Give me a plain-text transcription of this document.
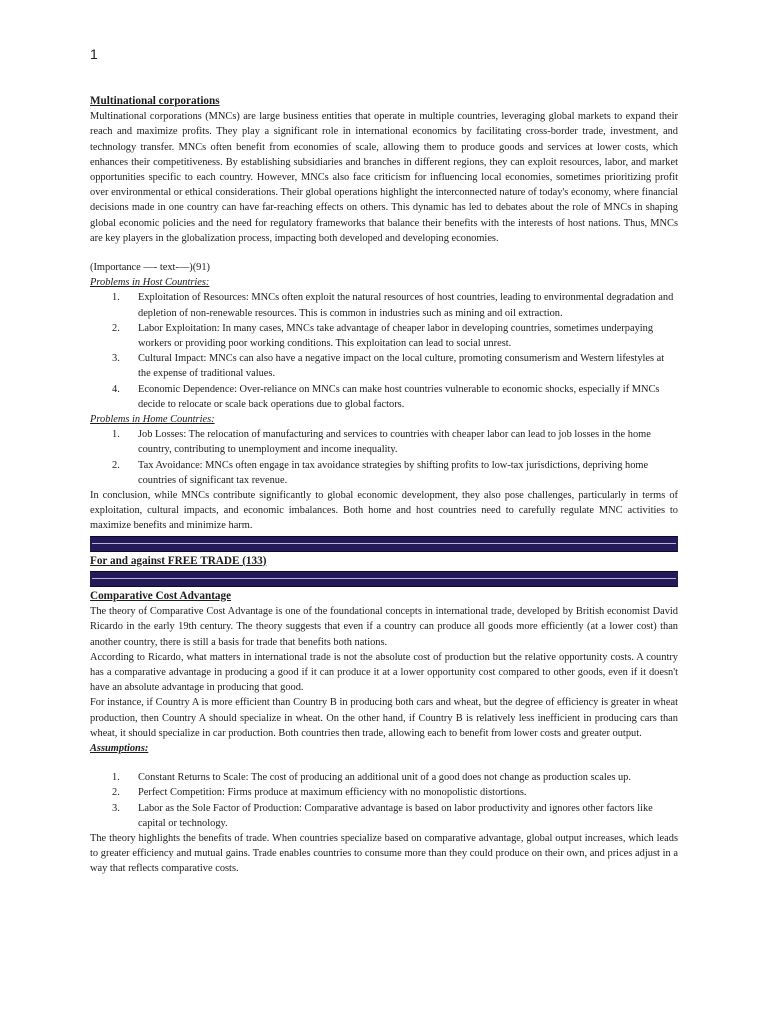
1

Multinational corporations

Multinational corporations (MNCs) are large business entities that operate in multiple countries, leveraging global markets to expand their reach and maximize profits. They play a significant role in international economics by facilitating cross-border trade, investment, and technology transfer. MNCs often benefit from economies of scale, allowing them to produce goods and services at lower costs, which enhances their competitiveness. By establishing subsidiaries and branches in different regions, they can exploit resources, labor, and market opportunities specific to each country. However, MNCs also face criticism for influencing local economies, sometimes prioritizing profit over environmental or ethical considerations. Their global operations highlight the interconnected nature of today's economy, where financial decisions made in one country can have far-reaching effects on others. This dynamic has led to debates about the role of MNCs in shaping global economic policies and the need for regulatory frameworks that balance their benefits with the interests of host nations. Thus, MNCs are key players in the globalization process, impacting both developed and developing economies.

(Importance —- text-—)(91)

Problems in Host Countries:

1. Exploitation of Resources: MNCs often exploit the natural resources of host countries, leading to environmental degradation and depletion of non-renewable resources. This is common in industries such as mining and oil extraction.
2. Labor Exploitation: In many cases, MNCs take advantage of cheaper labor in developing countries, sometimes underpaying workers or providing poor working conditions. This exploitation can lead to social unrest.
3. Cultural Impact: MNCs can also have a negative impact on the local culture, promoting consumerism and Western lifestyles at the expense of traditional values.
4. Economic Dependence: Over-reliance on MNCs can make host countries vulnerable to economic shocks, especially if MNCs decide to relocate or scale back operations due to global factors.

Problems in Home Countries:

1. Job Losses: The relocation of manufacturing and services to countries with cheaper labor can lead to job losses in the home country, contributing to unemployment and income inequality.
2. Tax Avoidance: MNCs often engage in tax avoidance strategies by shifting profits to low-tax jurisdictions, depriving home countries of significant tax revenue.

In conclusion, while MNCs contribute significantly to global economic development, they also pose challenges, particularly in terms of exploitation, cultural impacts, and economic imbalances. Both home and host countries need to carefully regulate MNC activities to maximize benefits and minimize harm.

For and against FREE TRADE (133)

Comparative Cost Advantage

The theory of Comparative Cost Advantage is one of the foundational concepts in international trade, developed by British economist David Ricardo in the early 19th century. The theory suggests that even if a country can produce all goods more efficiently (at a lower cost) than another country, there is still a basis for trade that benefits both nations.

According to Ricardo, what matters in international trade is not the absolute cost of production but the relative opportunity costs. A country has a comparative advantage in producing a good if it can produce it at a lower opportunity cost compared to other goods, even if it doesn't have an absolute advantage in producing that good.

For instance, if Country A is more efficient than Country B in producing both cars and wheat, but the degree of efficiency is greater in wheat production, then Country A should specialize in wheat. On the other hand, if Country B is relatively less inefficient in producing cars than wheat, it should specialize in car production. Both countries then trade, allowing each to benefit from lower costs and greater output.

Assumptions:

1. Constant Returns to Scale: The cost of producing an additional unit of a good does not change as production scales up.
2. Perfect Competition: Firms produce at maximum efficiency with no monopolistic distortions.
3. Labor as the Sole Factor of Production: Comparative advantage is based on labor productivity and ignores other factors like capital or technology.

The theory highlights the benefits of trade. When countries specialize based on comparative advantage, global output increases, which leads to greater efficiency and mutual gains. Trade enables countries to consume more than they could produce on their own, and prices adjust in a way that reflects comparative costs.
